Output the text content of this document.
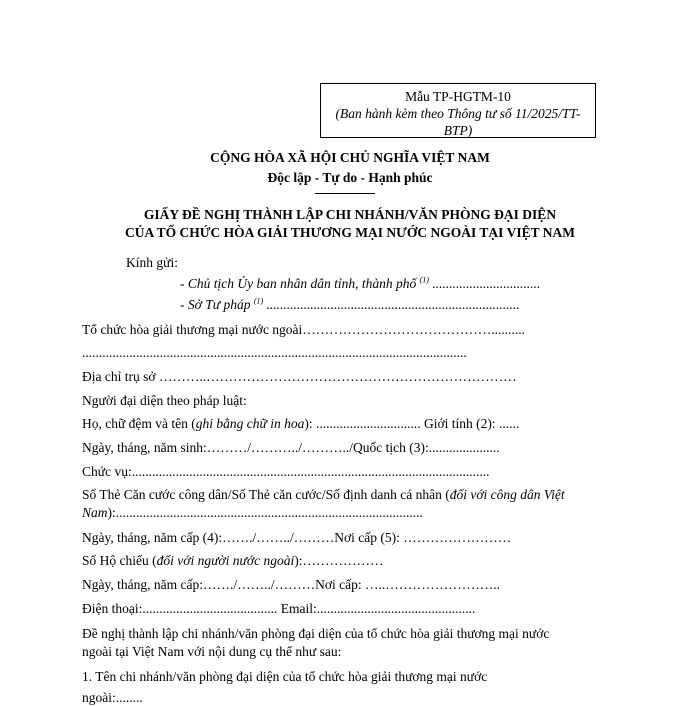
Mẫu TP-HGTM-10
(Ban hành kèm theo Thông tư số 11/2025/TT-
BTP)
CỘNG HÒA XÃ HỘI CHỦ NGHĨA VIỆT NAM
Độc lập - Tự do - Hạnh phúc
GIẤY ĐỀ NGHỊ THÀNH LẬP CHI NHÁNH/VĂN PHÒNG ĐẠI DIỆN
CỦA TỔ CHỨC HÒA GIẢI THƯƠNG MẠI NƯỚC NGOÀI TẠI VIỆT NAM
Kính gửi:
- Chủ tịch Ủy ban nhân dân tỉnh, thành phố $^{(1)}$ ................................
- Sở Tư pháp $^{(1)}$ ...........................................................................
Tổ chức hòa giải thương mại nước ngoài……………………………………..........
..................................................................................................................
Địa chỉ trụ sở ………..……………………………………………………………
Người đại diện theo pháp luật:
Họ, chữ đệm và tên (ghi bằng chữ in hoa): ............................... Giới tính (2): ......
Ngày, tháng, năm sinh:………/………../………../Quốc tịch (3):.....................
Chức vụ:..........................................................................................................
Số Thẻ Căn cước công dân/Số Thẻ căn cước/Số định danh cá nhân (đối với công dân Việt
Nam):...........................................................................................
Ngày, tháng, năm cấp (4):……./……../………Nơi cấp (5): ……………………
Số Hộ chiếu (đối với người nước ngoài):………………
Ngày, tháng, năm cấp:……./……../………Nơi cấp: …..……………………..
Điện thoại:........................................ Email:...............................................
Đề nghị thành lập chi nhánh/văn phòng đại diện của tổ chức hòa giải thương mại nước
ngoài tại Việt Nam với nội dung cụ thể như sau:
1. Tên chi nhánh/văn phòng đại diện của tổ chức hòa giải thương mại nước
ngoài:........
